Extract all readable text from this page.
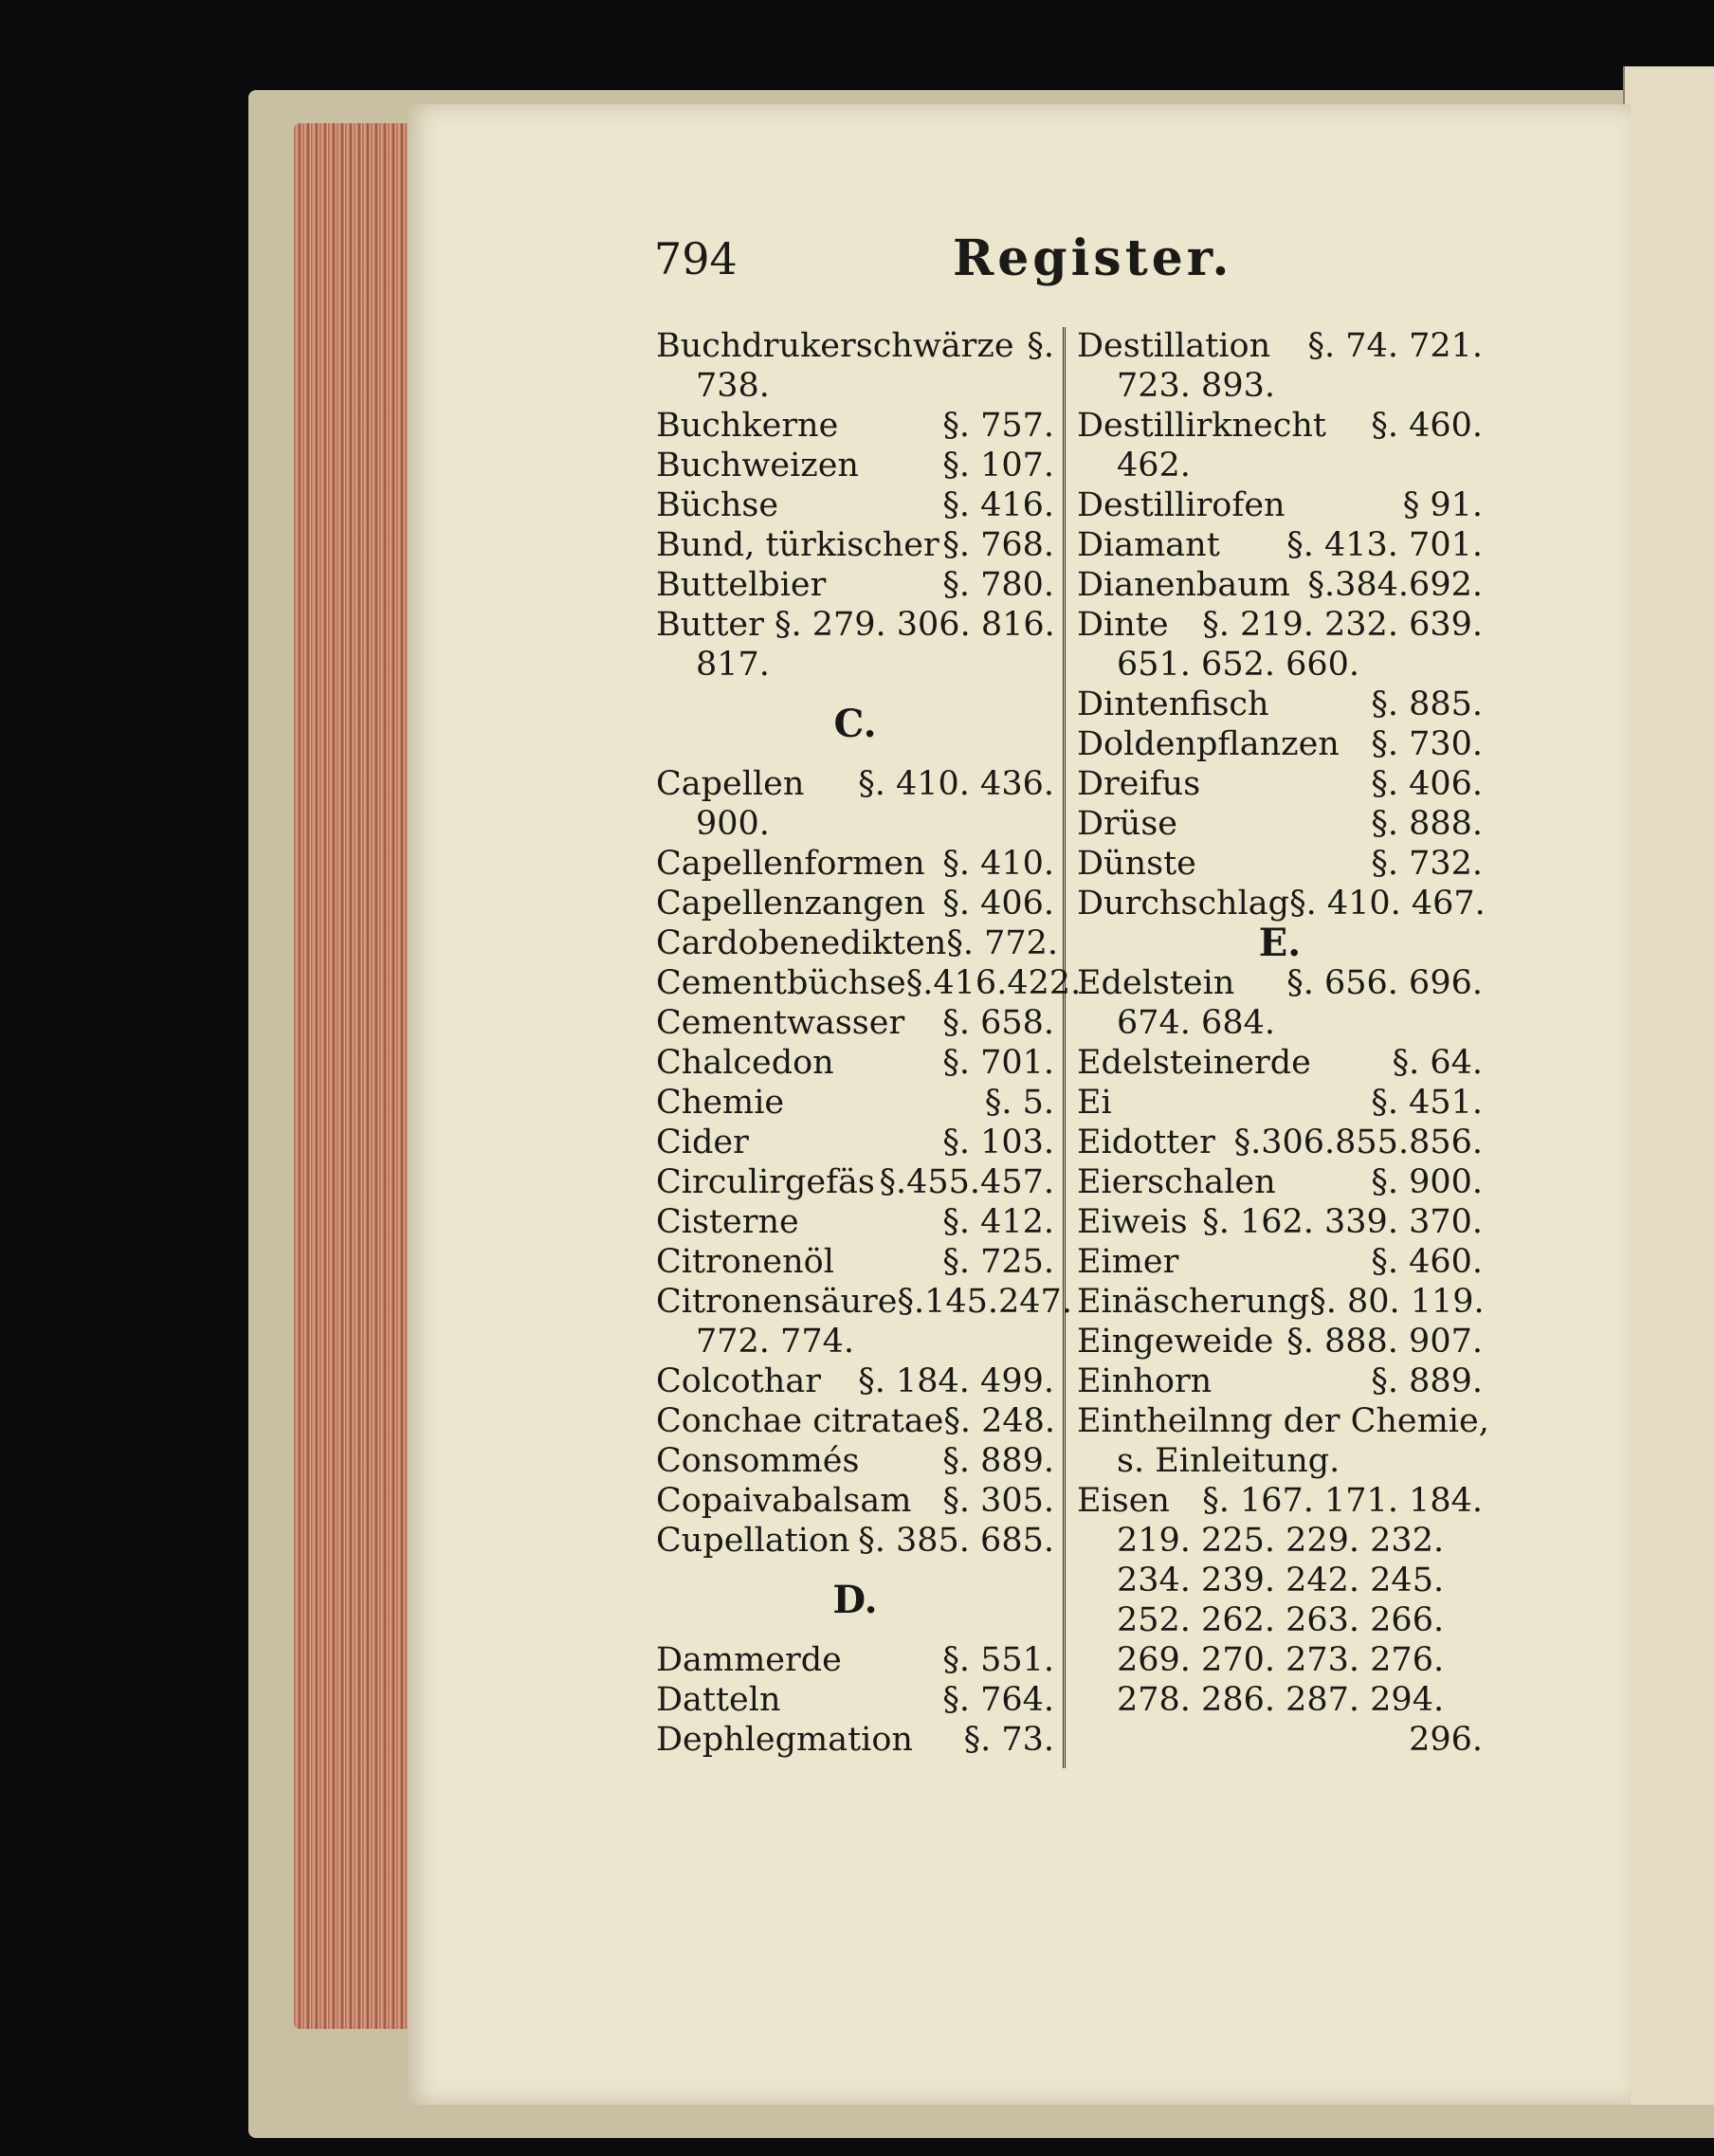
794	Register.
Buchdrukerschwärze §.
738.
Buchkerne	§. 757.
Buchweizen	§. 107.
Büchse	§. 416.
Bund, türkischer §. 768.
Buttelbier	§. 780.
Butter §. 279. 306. 816.
817.
C.
Capellen §. 410. 436.
900.
Capellenformen §. 410.
Capellenzangen §. 406.
Cardobenedikten §. 772.
Cementbüchse §.416.422.
Cementwasser §. 658.
Chalcedon	§. 701.
Chemie	§. 5.
Cider	§. 103.
Circulirgefäs §.455.457.
Cisterne	§. 412.
Citronenöl	§. 725.
Citronensäure §.145.247.
772. 774.
Colcothar §. 184. 499.
Conchae citratae §. 248.
Consommés	§. 889.
Copaivabalsam §. 305.
Cupellation §. 385. 685.
D.
Dammerde	§. 551.
Datteln	§. 764.
Dephlegmation §. 73.
Destillation §. 74. 721.
723. 893.
Destillirknecht §. 460.
462.
Destillirofen	§ 91.
Diamant §. 413. 701.
Dianenbaum §.384.692.
Dinte §. 219. 232. 639.
651. 652. 660.
Dintenfisch	§. 885.
Doldenpflanzen §. 730.
Dreifus	§. 406.
Drüse	§. 888.
Dünste	§. 732.
Durchschlag §. 410. 467.
E.
Edelstein §. 656. 696.
674. 684.
Edelsteinerde §. 64.
Ei	§. 451.
Eidotter §.306.855.856.
Eierschalen	§. 900.
Eiweis §. 162. 339. 370.
Eimer	§. 460.
Einäscherung §. 80. 119.
Eingeweide §. 888. 907.
Einhorn	§. 889.
Eintheilnng der Chemie,
s. Einleitung.
Eisen §. 167. 171. 184.
219. 225. 229. 232.
234. 239. 242. 245.
252. 262. 263. 266.
269. 270. 273. 276.
278. 286. 287. 294.
296.
